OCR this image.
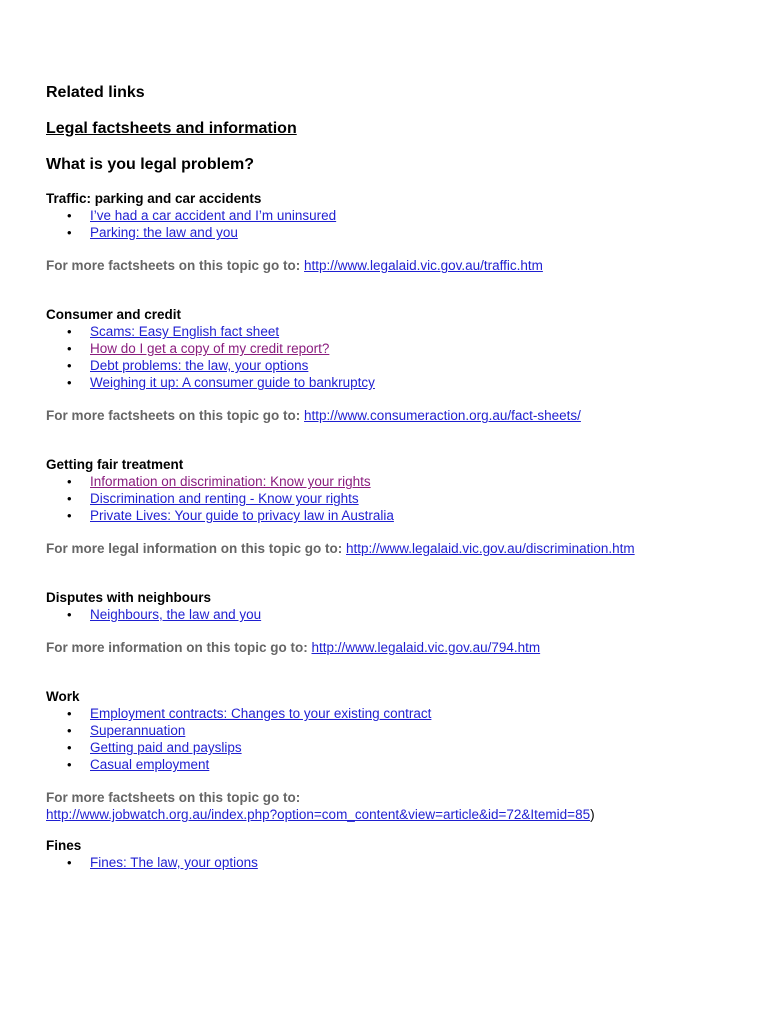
Related links
Legal factsheets and information
What is you legal problem?
Traffic: parking and car accidents
• I’ve had a car accident and I’m uninsured
• Parking: the law and you
For more factsheets on this topic go to: http://www.legalaid.vic.gov.au/traffic.htm
Consumer and credit
• Scams: Easy English fact sheet
• How do I get a copy of my credit report?
• Debt problems: the law, your options
• Weighing it up: A consumer guide to bankruptcy
For more factsheets on this topic go to: http://www.consumeraction.org.au/fact-sheets/
Getting fair treatment
• Information on discrimination: Know your rights
• Discrimination and renting - Know your rights
• Private Lives: Your guide to privacy law in Australia
For more legal information on this topic go to: http://www.legalaid.vic.gov.au/discrimination.htm
Disputes with neighbours
• Neighbours, the law and you
For more information on this topic go to: http://www.legalaid.vic.gov.au/794.htm
Work
• Employment contracts: Changes to your existing contract
• Superannuation
• Getting paid and payslips
• Casual employment
For more factsheets on this topic go to:
http://www.jobwatch.org.au/index.php?option=com_content&view=article&id=72&Itemid=85)
Fines
• Fines: The law, your options
